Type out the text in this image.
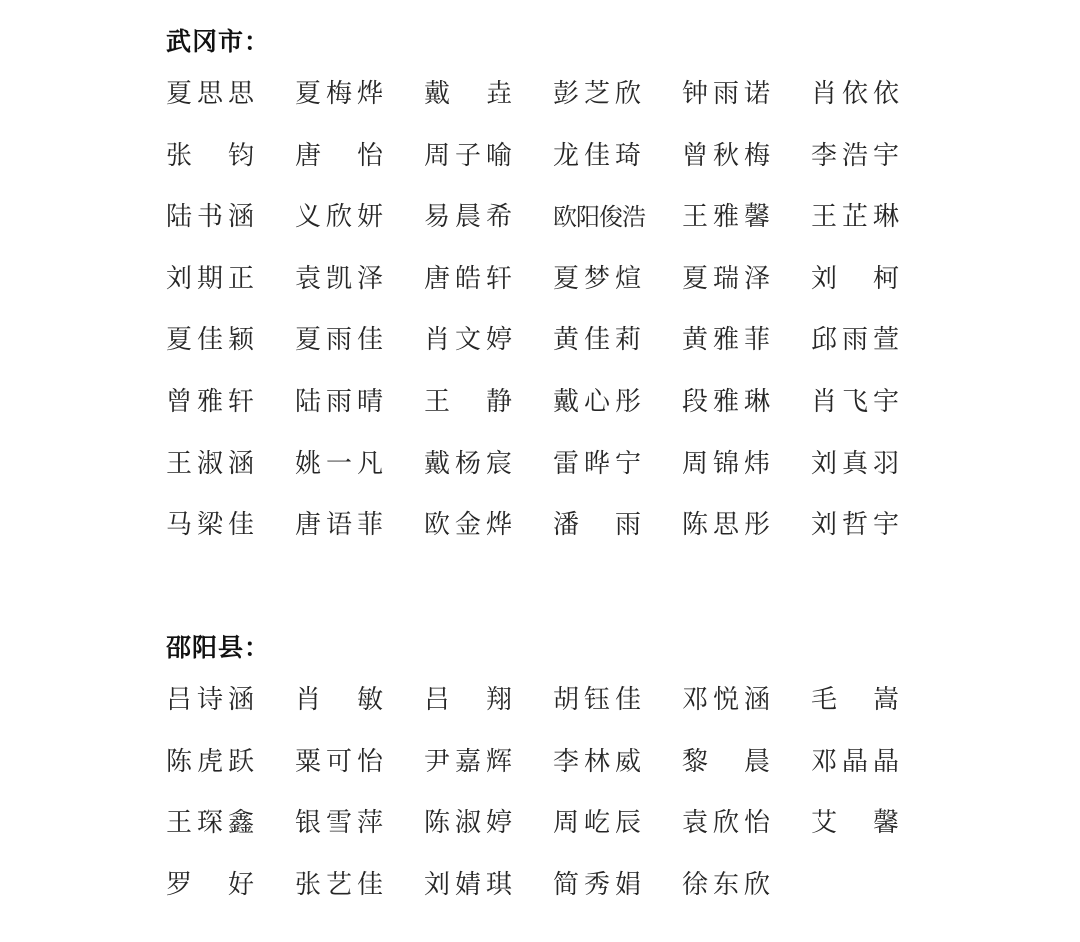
武冈市：
夏 思 思 夏 梅 烨 戴 垚 彭 芝 欣 钟 雨 诺 肖 依 依
张 钧 唐 怡 周 子 喻 龙 佳 琦 曾 秋 梅 李 浩 宇
陆 书 涵 义 欣 妍 易 晨 希 欧阳俊浩 王 雅 馨 王 芷 琳
刘 期 正 袁 凯 泽 唐 皓 轩 夏 梦 煊 夏 瑞 泽 刘 柯
夏 佳 颖 夏 雨 佳 肖 文 婷 黄 佳 莉 黄 雅 菲 邱 雨 萱
曾 雅 轩 陆 雨 晴 王 静 戴 心 彤 段 雅 琳 肖 飞 宇
王 淑 涵 姚 一 凡 戴 杨 宸 雷 晔 宁 周 锦 炜 刘 真 羽
马 梁 佳 唐 语 菲 欧 金 烨 潘 雨 陈 思 彤 刘 哲 宇
邵阳县：
吕 诗 涵 肖 敏 吕 翔 胡 钰 佳 邓 悦 涵 毛 嵩
陈 虎 跃 粟 可 怡 尹 嘉 辉 李 林 威 黎 晨 邓 晶 晶
王 琛 鑫 银 雪 萍 陈 淑 婷 周 屹 辰 袁 欣 怡 艾 馨
罗 好 张 艺 佳 刘 婧 琪 简 秀 娟 徐 东 欣
